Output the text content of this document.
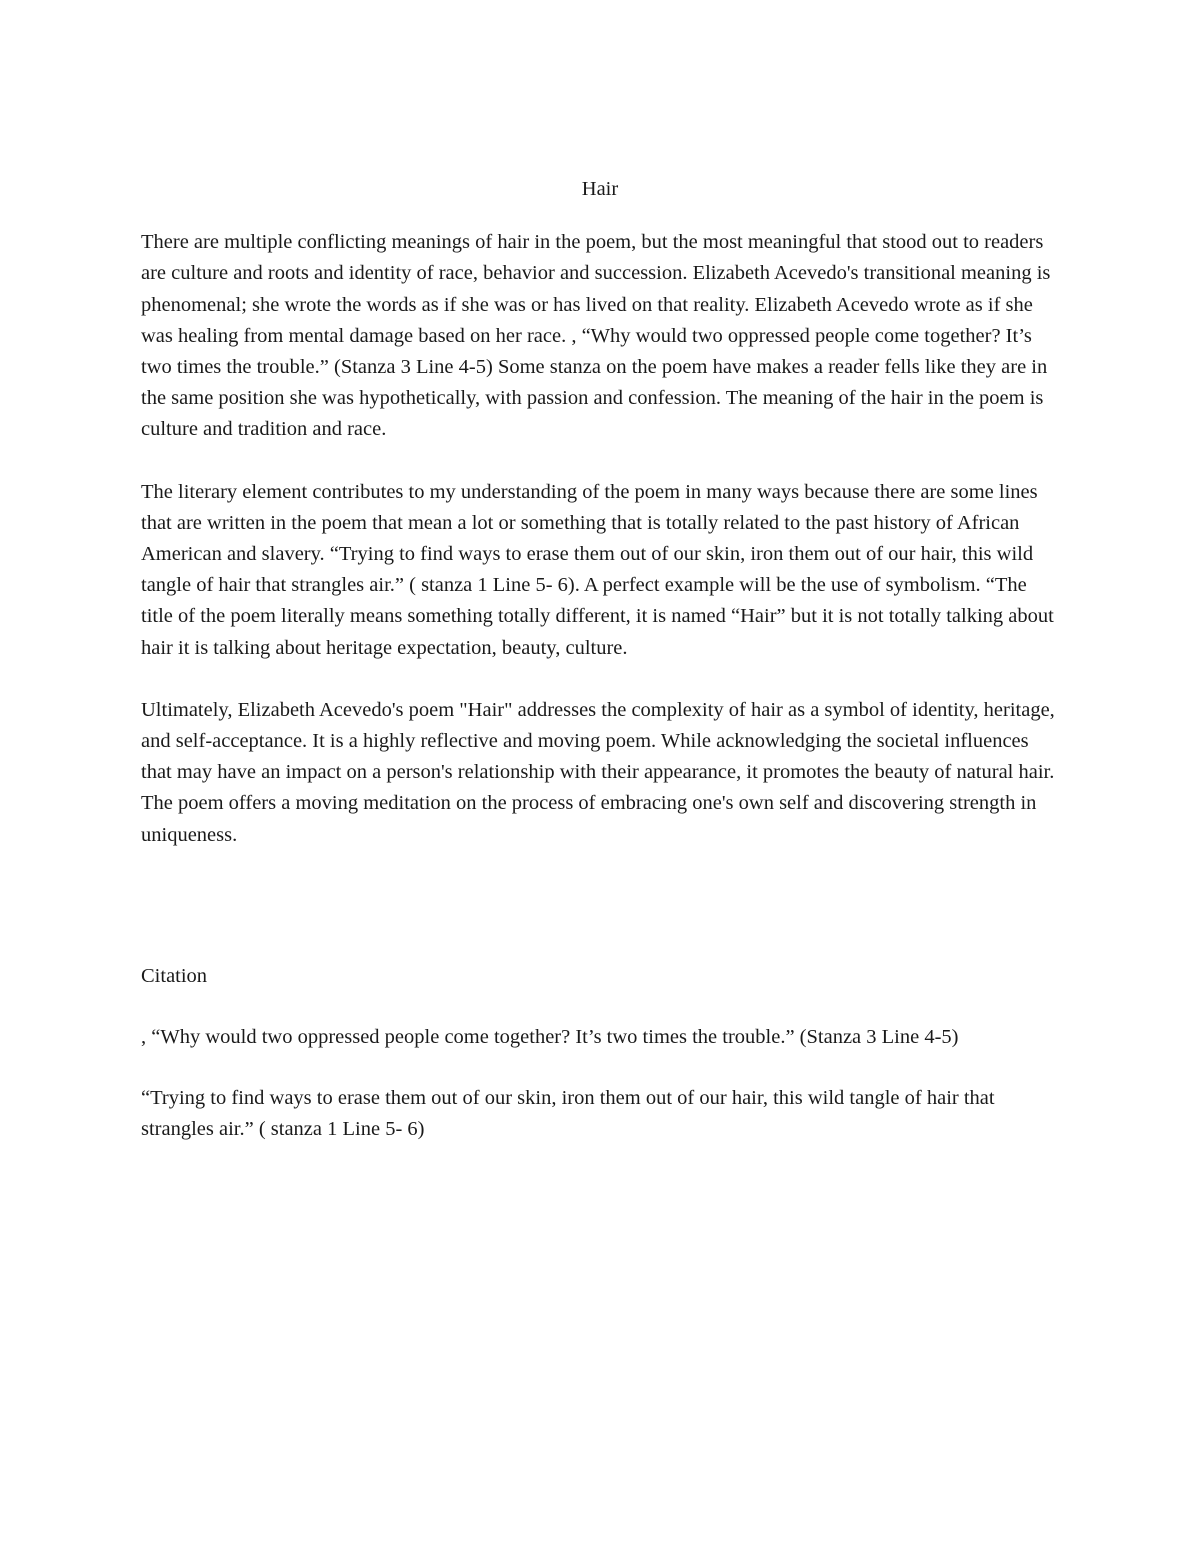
Hair

There are multiple conflicting meanings of hair in the poem, but the most meaningful that stood out to readers are culture and roots and identity of race, behavior and succession. Elizabeth Acevedo's transitional meaning is phenomenal; she wrote the words as if she was or has lived on that reality. Elizabeth Acevedo wrote as if she was healing from mental damage based on her race. , “Why would two oppressed people come together? It’s two times the trouble.” (Stanza 3 Line 4-5) Some stanza on the poem have makes a reader fells like they are in the same position she was hypothetically, with passion and confession. The meaning of the hair in the poem is culture and tradition and race.

The literary element contributes to my understanding of the poem in many ways because there are some lines that are written in the poem that mean a lot or something that is totally related to the past history of African American and slavery. “Trying to find ways to erase them out of our skin, iron them out of our hair, this wild tangle of hair that strangles air.” ( stanza 1 Line 5- 6). A perfect example will be the use of symbolism. “The title of the poem literally means something totally different, it is named “Hair” but it is not totally talking about hair it is talking about heritage expectation, beauty, culture.

Ultimately, Elizabeth Acevedo's poem "Hair" addresses the complexity of hair as a symbol of identity, heritage, and self-acceptance. It is a highly reflective and moving poem. While acknowledging the societal influences that may have an impact on a person's relationship with their appearance, it promotes the beauty of natural hair. The poem offers a moving meditation on the process of embracing one's own self and discovering strength in uniqueness.

Citation

, “Why would two oppressed people come together? It’s two times the trouble.” (Stanza 3 Line 4-5)

“Trying to find ways to erase them out of our skin, iron them out of our hair, this wild tangle of hair that strangles air.” ( stanza 1 Line 5- 6)
